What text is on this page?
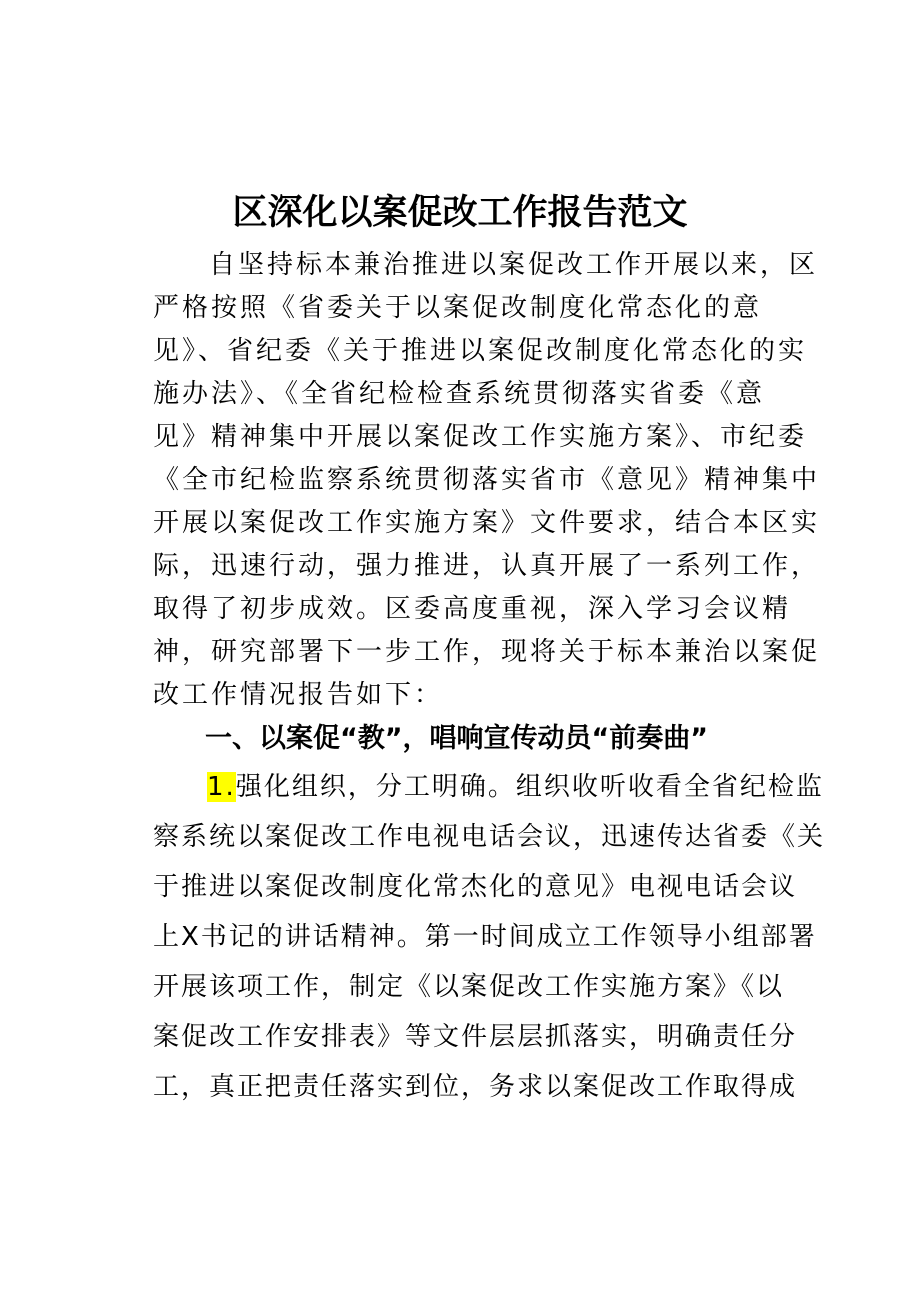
区深化以案促改工作报告范文
自坚持标本兼治推进以案促改工作开展以来，区
严格按照《省委关于以案促改制度化常态化的意
见》、省纪委《关于推进以案促改制度化常态化的实
施办法》、《全省纪检检查系统贯彻落实省委《意
见》精神集中开展以案促改工作实施方案》、市纪委
《全市纪检监察系统贯彻落实省市《意见》精神集中
开展以案促改工作实施方案》文件要求，结合本区实
际，迅速行动，强力推进，认真开展了一系列工作，
取得了初步成效。区委高度重视，深入学习会议精
神，研究部署下一步工作，现将关于标本兼治以案促
改工作情况报告如下：
一、以案促“教”，唱响宣传动员“前奏曲”
1.强化组织，分工明确。组织收听收看全省纪检监
察系统以案促改工作电视电话会议，迅速传达省委《关
于推进以案促改制度化常杰化的意见》电视电话会议
上X书记的讲话精神。第一时间成立工作领导小组部署
开展该项工作，制定《以案促改工作实施方案》《以
案促改工作安排表》等文件层层抓落实，明确责任分
工，真正把责任落实到位，务求以案促改工作取得成
